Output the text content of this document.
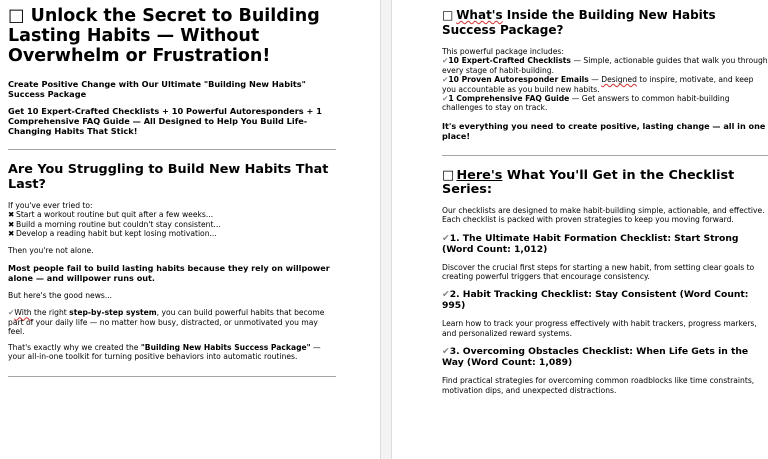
□ Unlock the Secret to Building Lasting Habits — Without Overwhelm or Frustration!
Create Positive Change with Our Ultimate "Building New Habits" Success Package
Get 10 Expert-Crafted Checklists + 10 Powerful Autoresponders + 1 Comprehensive FAQ Guide — All Designed to Help You Build Life-Changing Habits That Stick!
Are You Struggling to Build New Habits That Last?
If you've ever tried to:
✖ Start a workout routine but quit after a few weeks...
✖ Build a morning routine but couldn't stay consistent...
✖ Develop a reading habit but kept losing motivation...
Then you're not alone.
Most people fail to build lasting habits because they rely on willpower alone — and willpower runs out.
But here's the good news...
✔With the right step-by-step system, you can build powerful habits that become part of your daily life — no matter how busy, distracted, or unmotivated you may feel.
That's exactly why we created the "Building New Habits Success Package" — your all-in-one toolkit for turning positive behaviors into automatic routines.
□ What's Inside the Building New Habits Success Package?
This powerful package includes:
✔10 Expert-Crafted Checklists — Simple, actionable guides that walk you through every stage of habit-building.
✔10 Proven Autoresponder Emails — Designed to inspire, motivate, and keep you accountable as you build new habits.
✔1 Comprehensive FAQ Guide — Get answers to common habit-building challenges to stay on track.
It's everything you need to create positive, lasting change — all in one place!
□ Here's What You'll Get in the Checklist Series:
Our checklists are designed to make habit-building simple, actionable, and effective. Each checklist is packed with proven strategies to keep you moving forward.
✔1. The Ultimate Habit Formation Checklist: Start Strong (Word Count: 1,012)
Discover the crucial first steps for starting a new habit, from setting clear goals to creating powerful triggers that encourage consistency.
✔2. Habit Tracking Checklist: Stay Consistent (Word Count: 995)
Learn how to track your progress effectively with habit trackers, progress markers, and personalized reward systems.
✔3. Overcoming Obstacles Checklist: When Life Gets in the Way (Word Count: 1,089)
Find practical strategies for overcoming common roadblocks like time constraints, motivation dips, and unexpected distractions.
